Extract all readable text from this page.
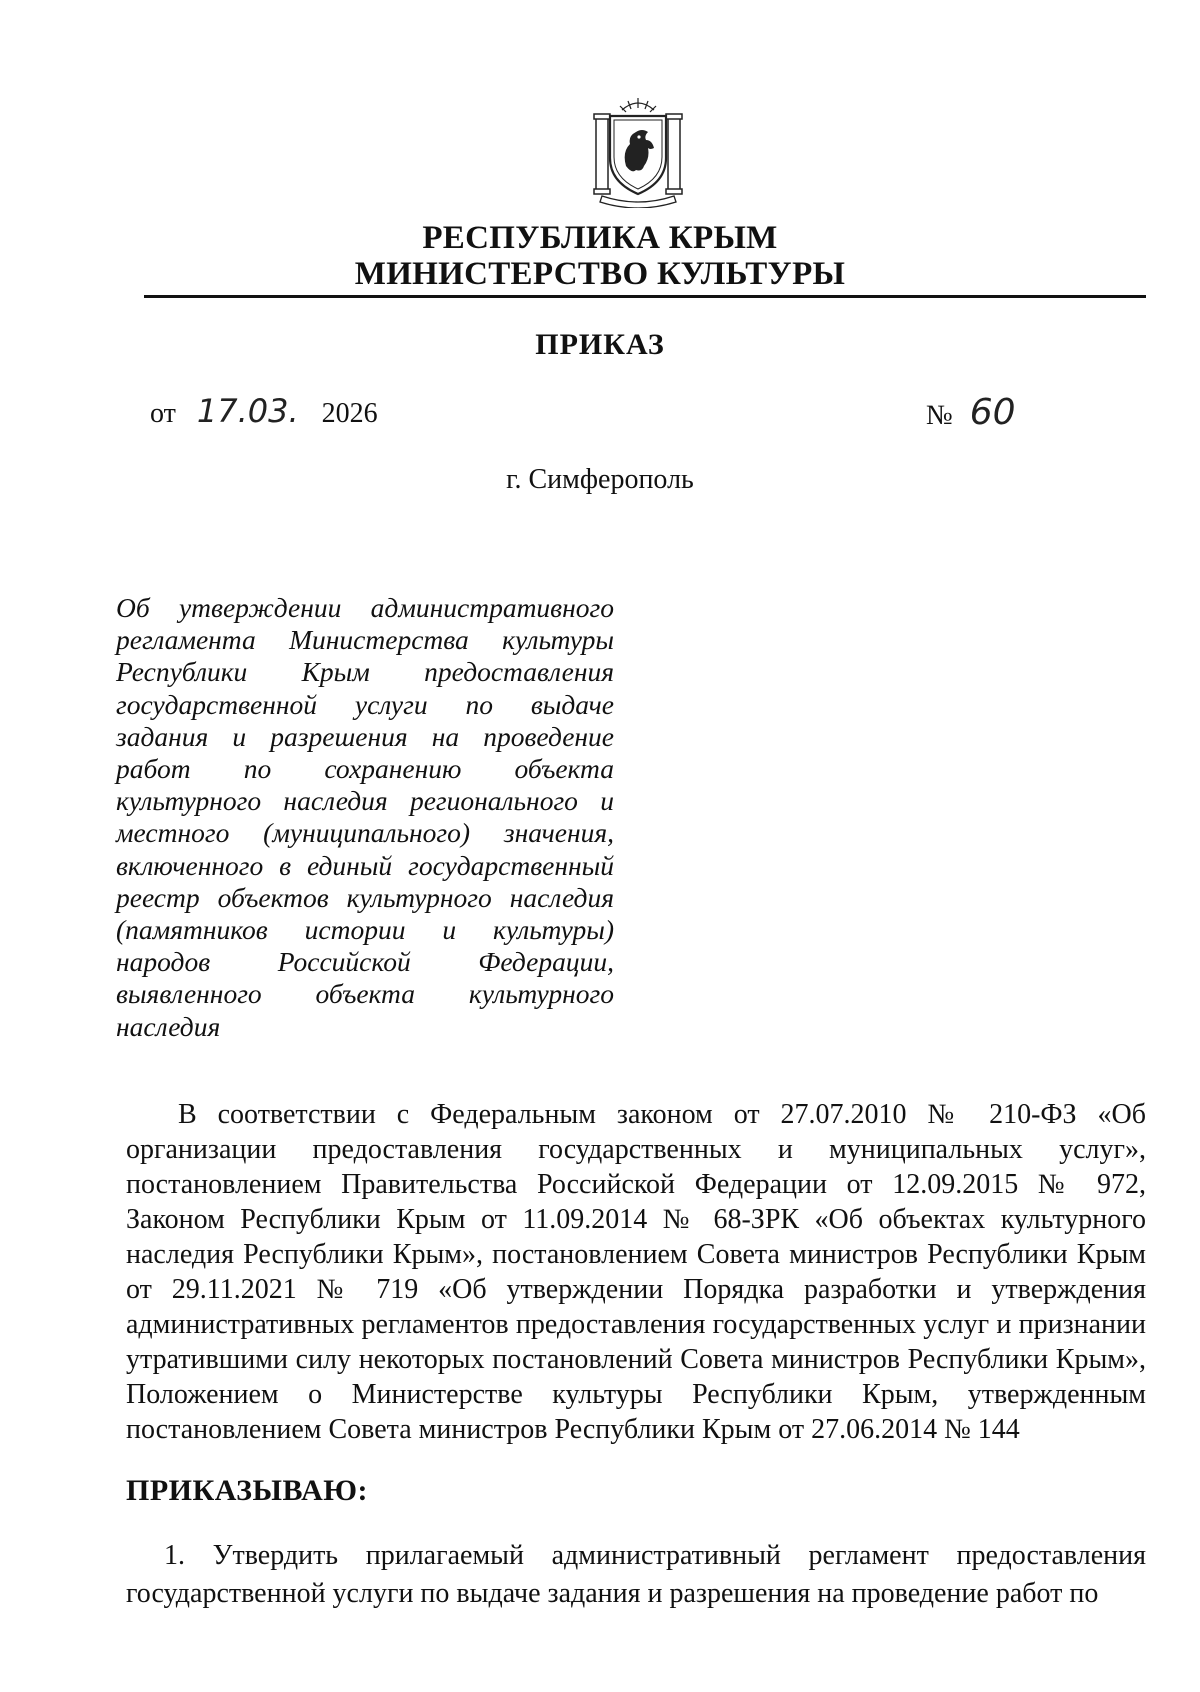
РЕСПУБЛИКА КРЫМ
МИНИСТЕРСТВО КУЛЬТУРЫ
ПРИКАЗ
от 17.03. 2026	№ 60
г. Симферополь
Об утверждении административного регламента Министерства культуры Республики Крым предоставления государственной услуги по выдаче задания и разрешения на проведение работ по сохранению объекта культурного наследия регионального и местного (муниципального) значения, включенного в единый государственный реестр объектов культурного наследия (памятников истории и культуры) народов Российской Федерации, выявленного объекта культурного наследия
В соответствии с Федеральным законом от 27.07.2010 № 210-ФЗ «Об организации предоставления государственных и муниципальных услуг», постановлением Правительства Российской Федерации от 12.09.2015 № 972, Законом Республики Крым от 11.09.2014 № 68-ЗРК «Об объектах культурного наследия Республики Крым», постановлением Совета министров Республики Крым от 29.11.2021 № 719 «Об утверждении Порядка разработки и утверждения административных регламентов предоставления государственных услуг и признании утратившими силу некоторых постановлений Совета министров Республики Крым», Положением о Министерстве культуры Республики Крым, утвержденным постановлением Совета министров Республики Крым от 27.06.2014 № 144
ПРИКАЗЫВАЮ:
1. Утвердить прилагаемый административный регламент предоставления государственной услуги по выдаче задания и разрешения на проведение работ по
